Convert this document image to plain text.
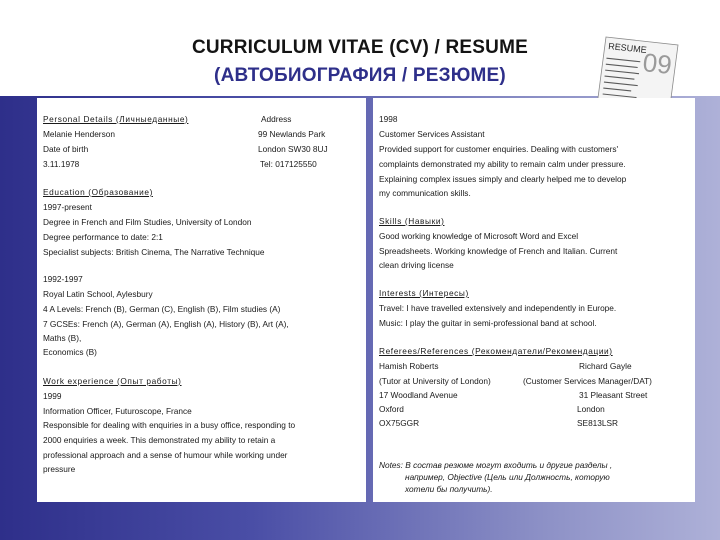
CURRICULUM VITAE (CV) / RESUME
(АВТОБИОГРАФИЯ / РЕЗЮМЕ)
RESUME
09
Personal Details (Личныеданные)	Address
Melanie Henderson	99 Newlands Park
Date of birth	London SW30 8UJ
3.11.1978	Tel: 017125550
Education (Образование)
1997-present
Degree in French and Film Studies, University of London
Degree performance to date: 2:1
Specialist subjects: British Cinema, The Narrative Technique
1992-1997
Royal Latin School, Aylesbury
4 A Levels: French (B), German (C), English (B), Film studies (A)
7 GCSEs: French (A), German (A), English (A), History (B), Art (A),
Maths (B),
Economics (B)
Work experience (Опыт работы)
1999
Information Officer, Futuroscope, France
Responsible for dealing with enquiries in a busy office, responding to
2000 enquiries a week. This demonstrated my ability to retain a
professional approach and a sense of humour while working under
pressure
1998
Customer Services Assistant
Provided support for customer enquiries. Dealing with customers'
complaints demonstrated my ability to remain calm under pressure.
Explaining complex issues simply and clearly helped me to develop
my communication skills.
Skills (Навыки)
Good working knowledge of Microsoft Word and Excel
Spreadsheets. Working knowledge of French and Italian. Current
clean driving license
Interests (Интересы)
Travel: I have travelled extensively and independently in Europe.
Music: I play the guitar in semi-professional band at school.
Referees/References (Рекомендатели/Рекомендации)
Hamish Roberts	Richard Gayle
(Tutor at University of London)	(Customer Services Manager/DAT)
17 Woodland Avenue	31 Pleasant Street
Oxford	London
OX75GGR	SE813LSR
Notes: В состав резюме могут входить и другие разделы ,
например, Objective (Цель или Должность, которую
хотели бы получить).
